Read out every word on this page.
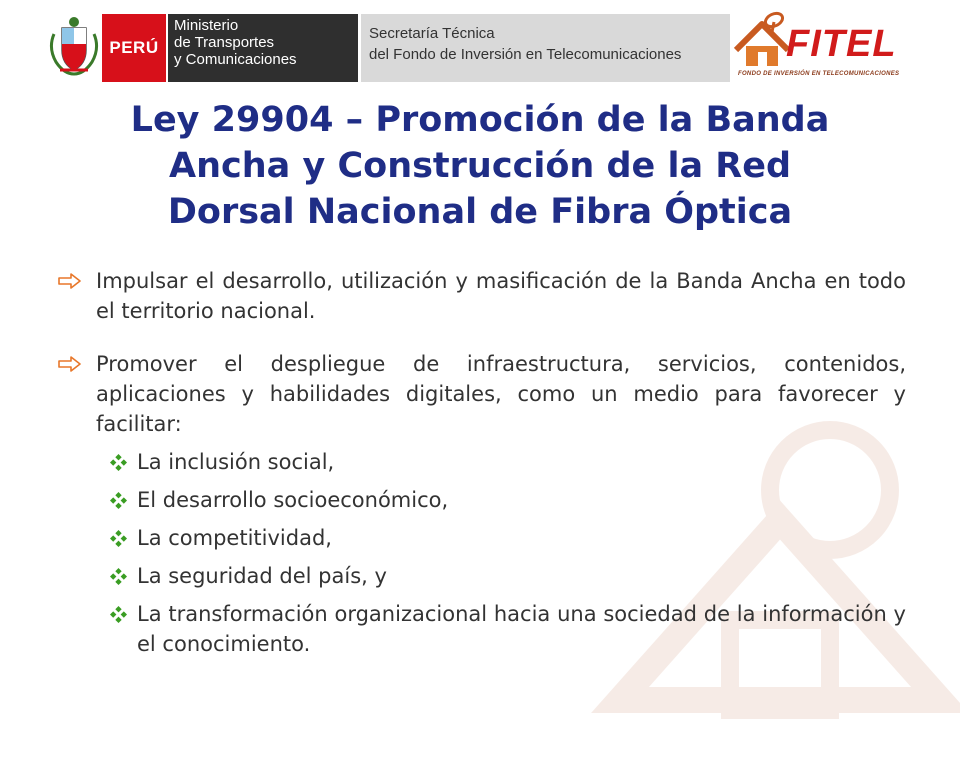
PERÚ
Ministerio
de Transportes
y Comunicaciones
Secretaría Técnica
del Fondo de Inversión en Telecomunicaciones	FITEL
FONDO DE INVERSIÓN EN TELECOMUNICACIONES
Ley 29904 – Promoción de la Banda
Ancha y Construcción de la Red
Dorsal Nacional de Fibra Óptica
Impulsar el desarrollo, utilización y masificación de la Banda Ancha en todo el territorio nacional.
Promover el despliegue de infraestructura, servicios, contenidos, aplicaciones y habilidades digitales, como un medio para favorecer y facilitar:
La inclusión social,
El desarrollo socioeconómico,
La competitividad,
La seguridad del país, y
La transformación organizacional hacia una sociedad de la información y el conocimiento.
